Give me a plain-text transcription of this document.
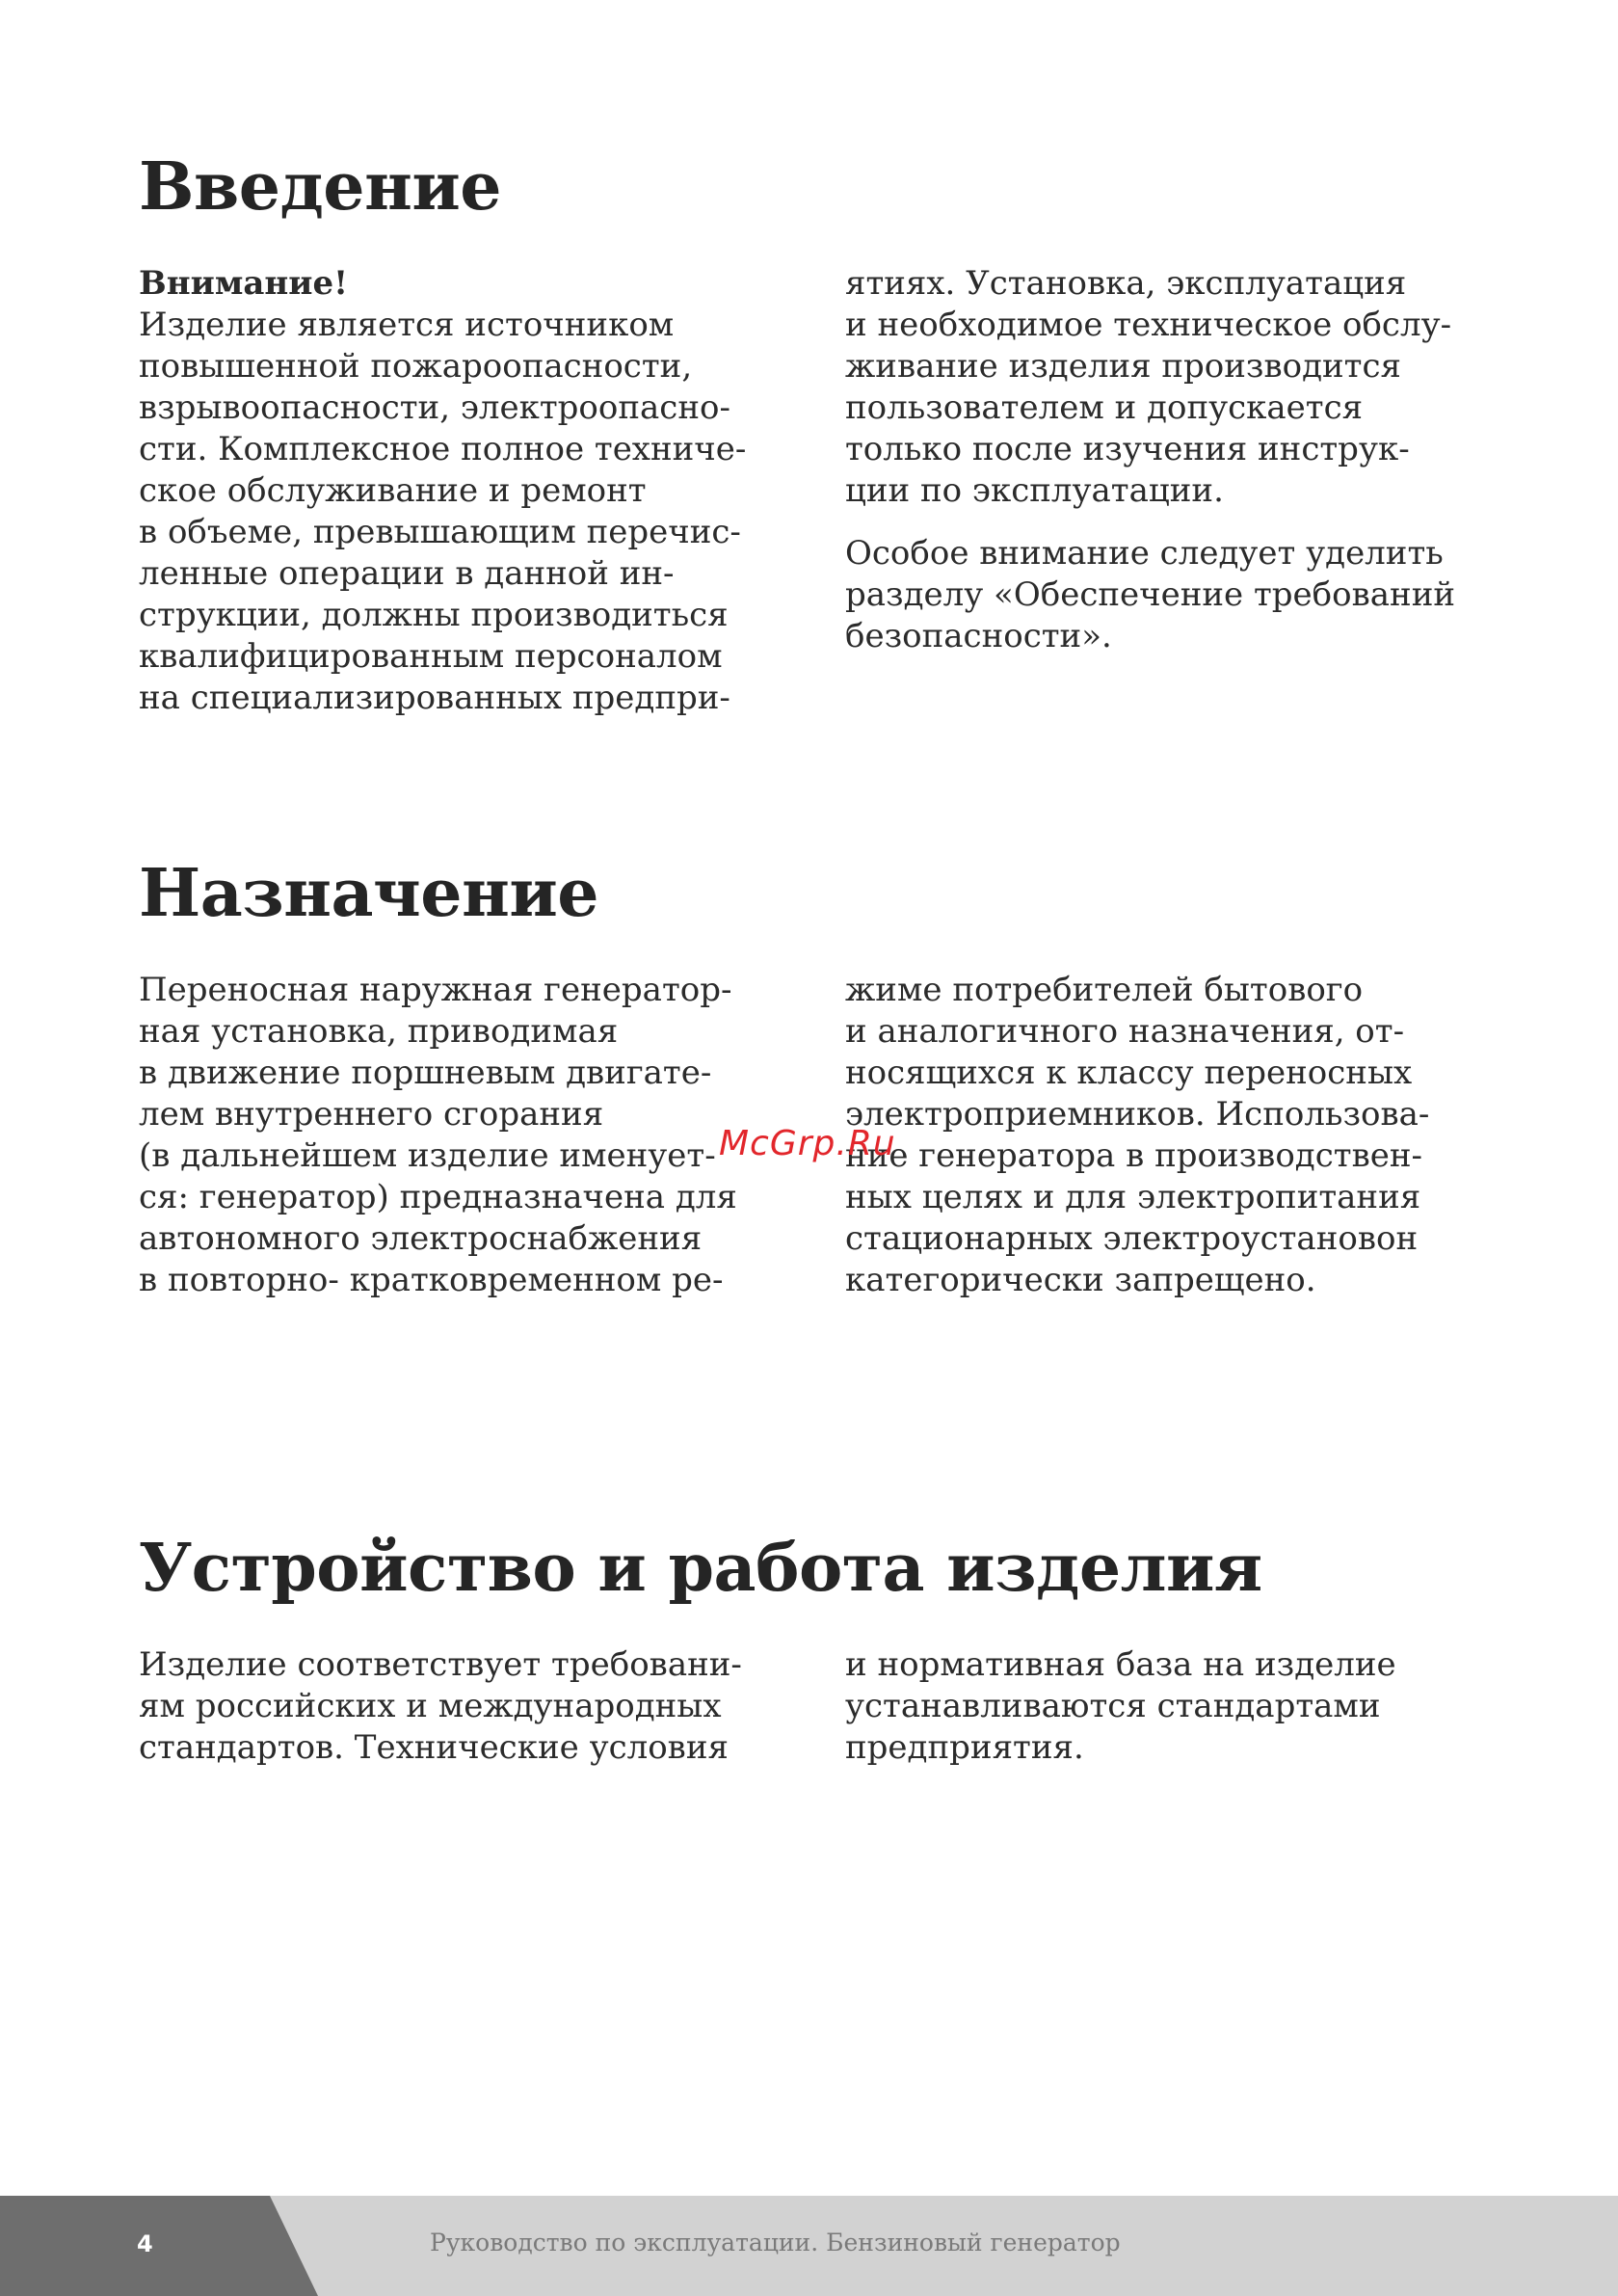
Введение
Внимание!
Изделие является источником
повышенной пожароопасности,
взрывоопасности, электроопасно-
сти. Комплексное полное техниче-
ское обслуживание и ремонт
в объеме, превышающим перечис-
ленные операции в данной ин-
струкции, должны производиться
квалифицированным персоналом
на специализированных предпри-
ятиях. Установка, эксплуатация
и необходимое техническое обслу-
живание изделия производится
пользователем и допускается
только после изучения инструк-
ции по эксплуатации.
Особое внимание следует уделить
разделу «Обеспечение требований
безопасности».
Назначение
Переносная наружная генератор-
ная установка, приводимая
в движение поршневым двигате-
лем внутреннего сгорания
(в дальнейшем изделие именует-
ся: генератор) предназначена для
автономного электроснабжения
в повторно- кратковременном ре-
жиме потребителей бытового
и аналогичного назначения, от-
носящихся к классу переносных
электроприемников. Использова-
ние генератора в производствен-
ных целях и для электропитания
стационарных электроустановон
категорически запрещено.
McGrp.Ru
Устройство и работа изделия
Изделие соответствует требовани-
ям российских и международных
стандартов. Технические условия
и нормативная база на изделие
устанавливаются стандартами
предприятия.
4	Руководство по эксплуатации. Бензиновый генератор
